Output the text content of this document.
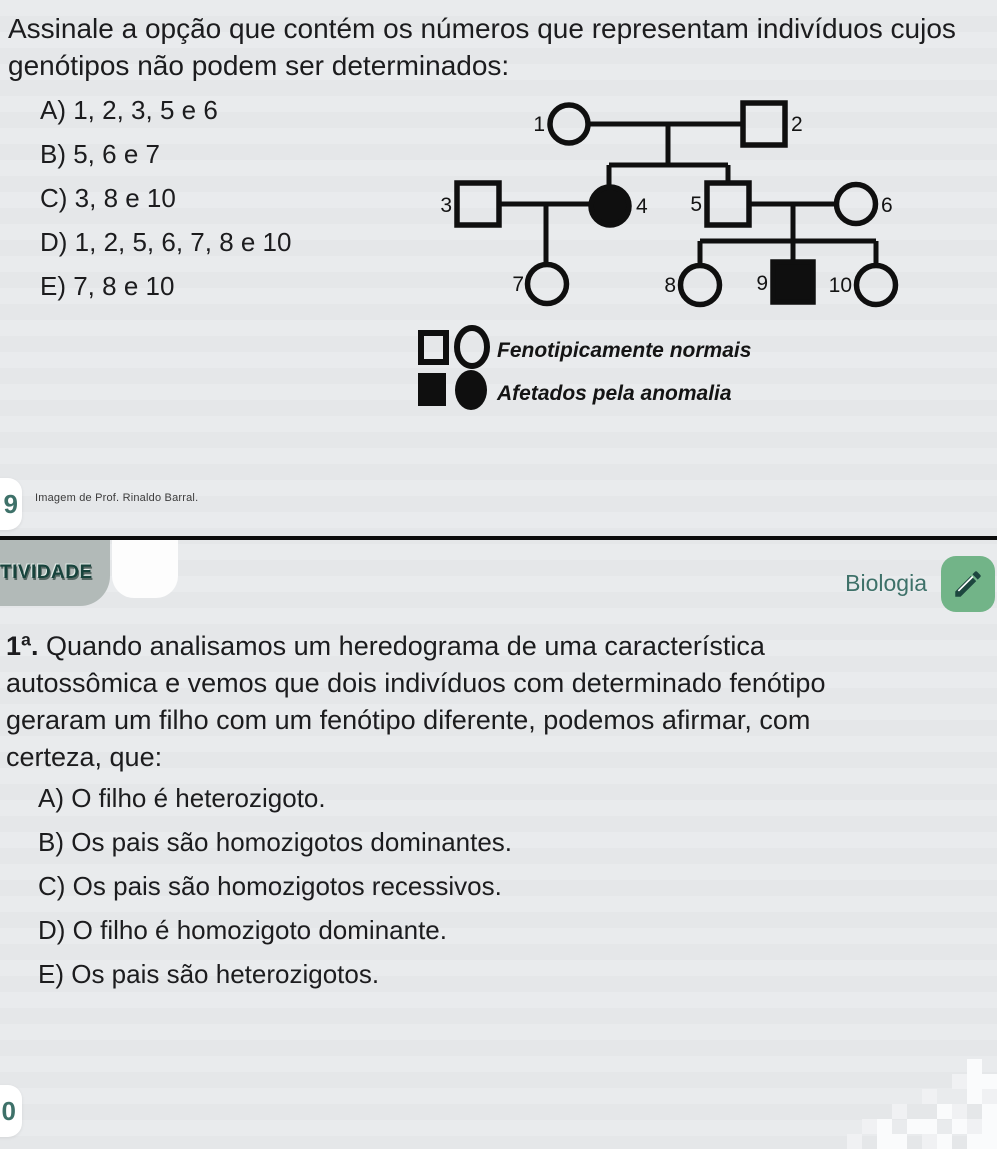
Assinale a opção que contém os números que representam indivíduos cujos genótipos não podem ser determinados:
A) 1, 2, 3, 5 e 6
B) 5, 6 e 7
C) 3, 8 e 10
D) 1, 2, 5, 6, 7, 8 e 10
E) 7, 8 e 10
1	2
3	4 5	6
7	8	9	10
Fenotipicamente normais
Afetados pela anomalia
9 Imagem de Prof. Rinaldo Barral.
TIVIDADE	Biologia
1ª. Quando analisamos um heredograma de uma característica autossômica e vemos que dois indivíduos com determinado fenótipo geraram um filho com um fenótipo diferente, podemos afirmar, com certeza, que:
A) O filho é heterozigoto.
B) Os pais são homozigotos dominantes.
C) Os pais são homozigotos recessivos.
D) O filho é homozigoto dominante.
E) Os pais são heterozigotos.
0
